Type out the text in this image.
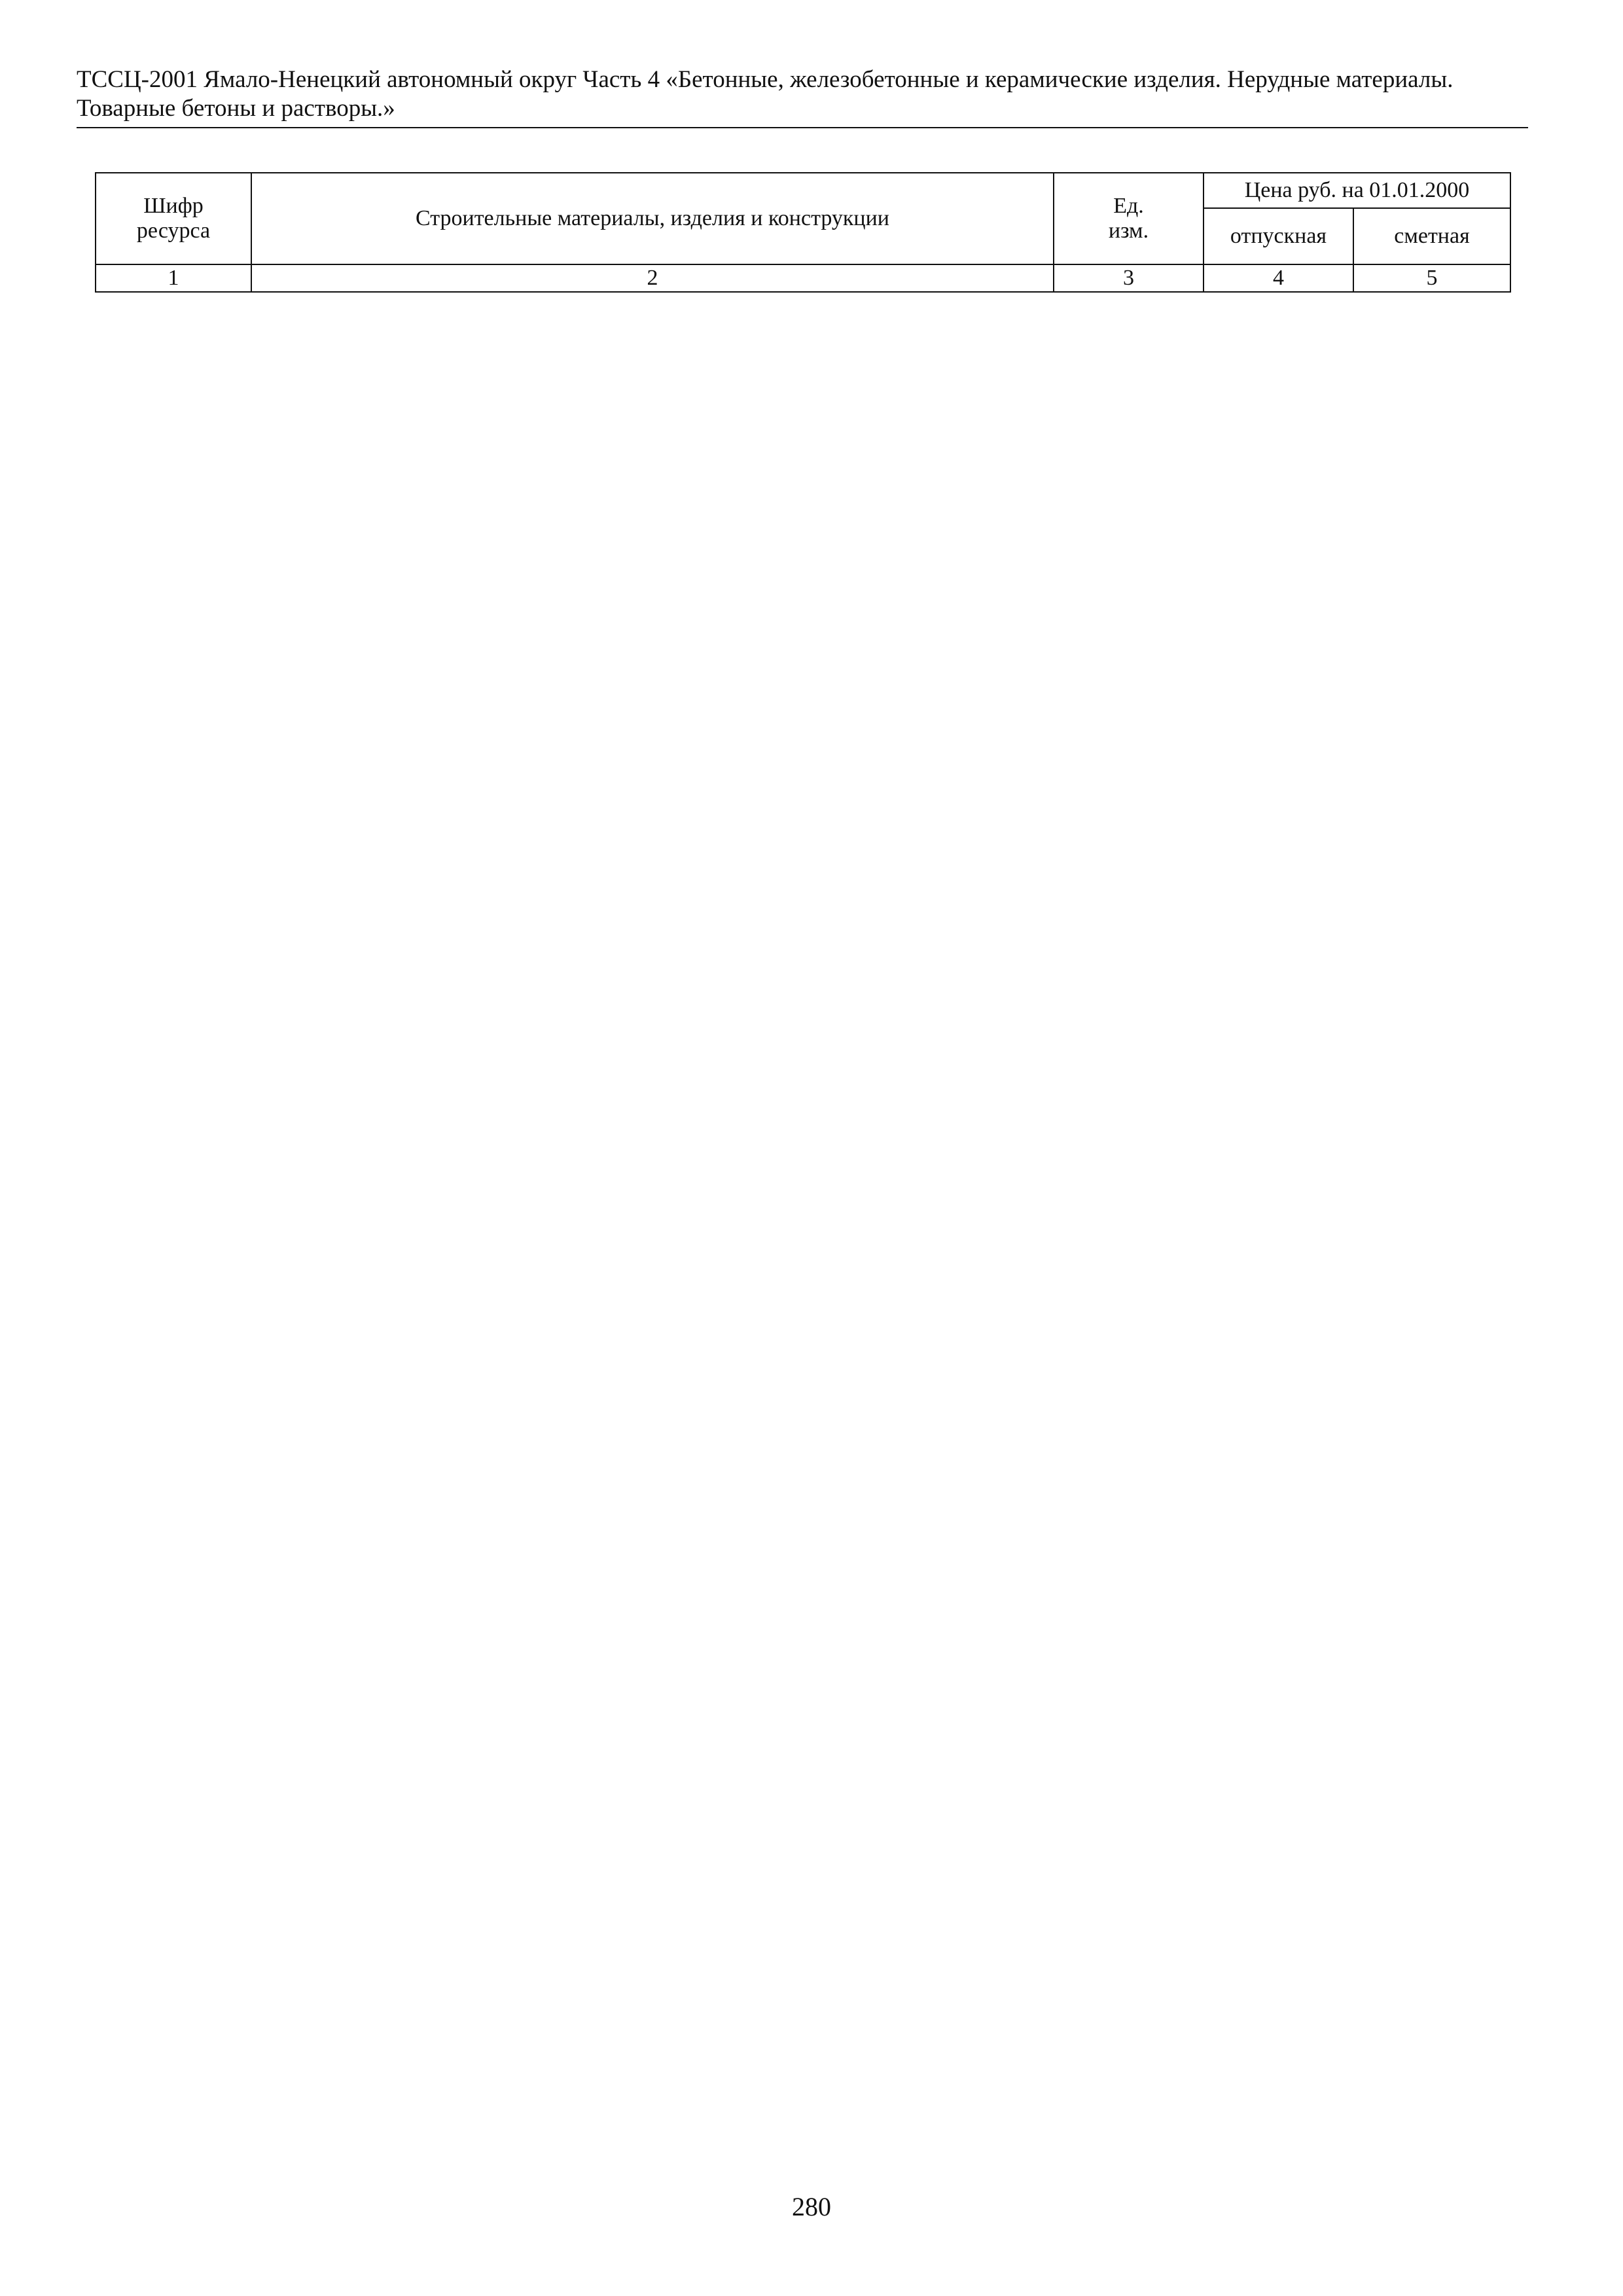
ТССЦ-2001 Ямало-Ненецкий автономный округ Часть 4 «Бетонные, железобетонные и керамические изделия. Нерудные материалы.
Товарные бетоны и растворы.»
Шифр ресурса	Строительные материалы, изделия и конструкции	Ед. изм.	Цена руб. на 01.01.2000	
			отпускная	сметная
1	2	3	4	5
280
